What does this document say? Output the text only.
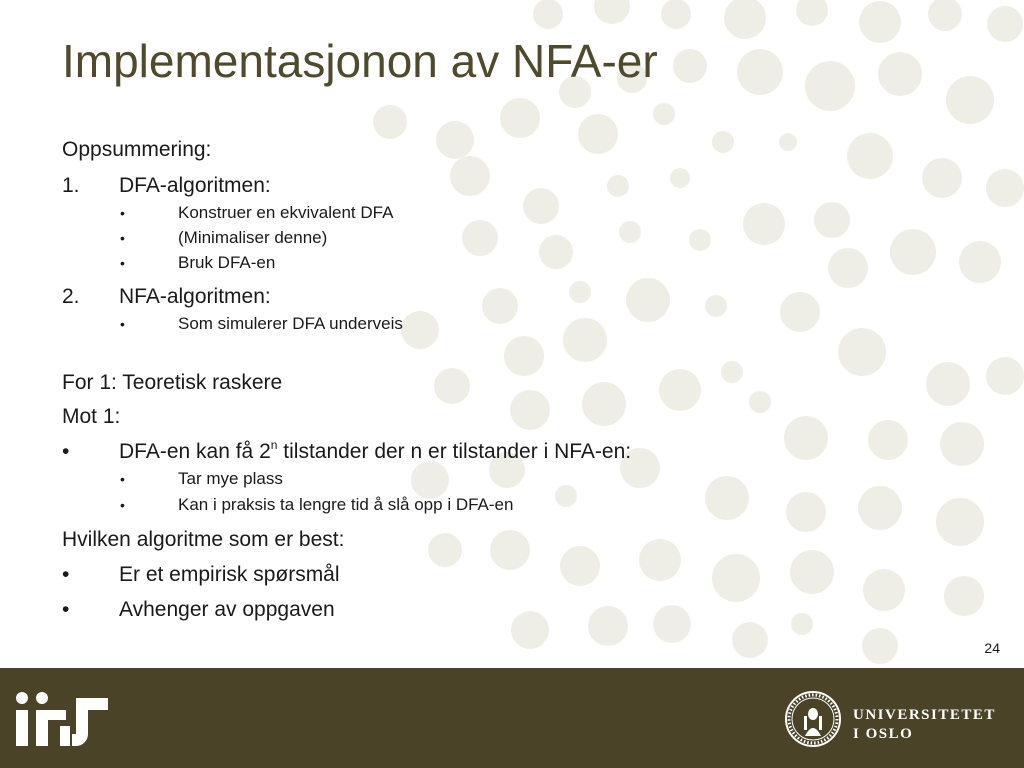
Implementasjonon av NFA-er
Oppsummering:
1. DFA-algoritmen:
•	Konstruer en ekvivalent DFA
•	(Minimaliser denne)
•	Bruk DFA-en
2. NFA-algoritmen:
•	Som simulerer DFA underveis
For 1: Teoretisk raskere
Mot 1:
• DFA-en kan få 2$^n$ tilstander der n er tilstander i NFA-en:
•	Tar mye plass
•	Kan i praksis ta lengre tid å slå opp i DFA-en
Hvilken algoritme som er best:
• Er et empirisk spørsmål
• Avhenger av oppgaven
24
UNIVERSITETET
I OSLO
